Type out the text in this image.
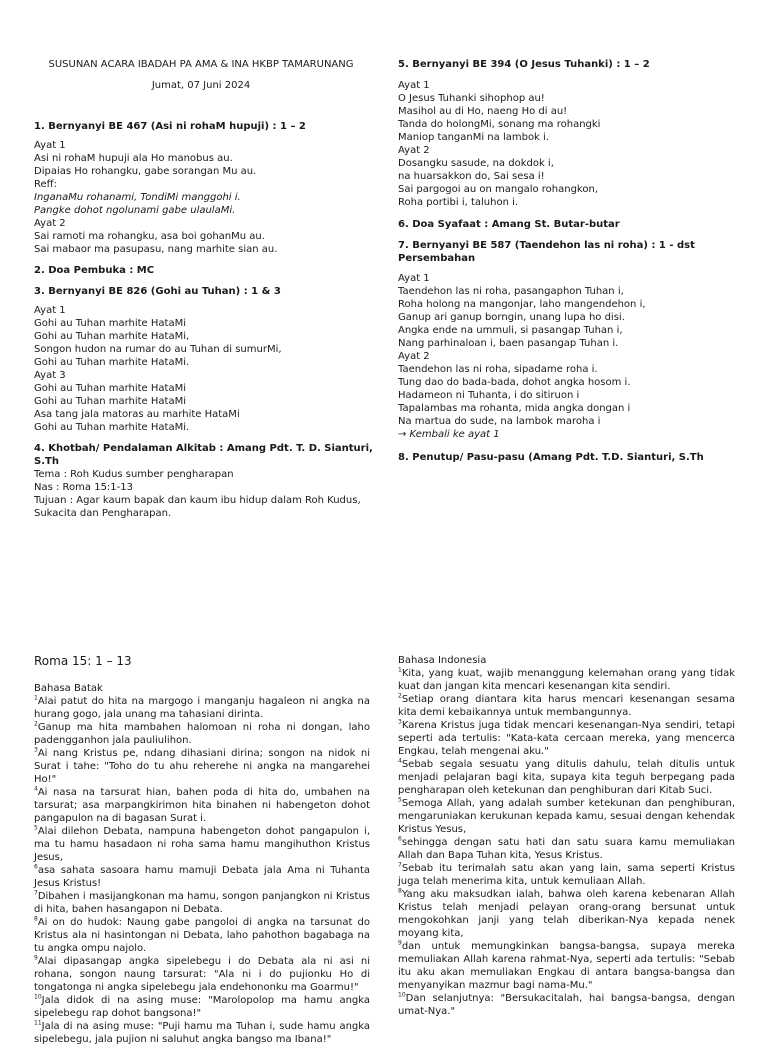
SUSUNAN ACARA IBADAH PA AMA & INA HKBP TAMARUNANG

Jumat, 07 Juni 2024

1. Bernyanyi BE 467 (Asi ni rohaM hupuji) : 1 – 2

Ayat 1

Asi ni rohaM hupuji ala Ho manobus au.

Dipaias Ho rohangku, gabe sorangan Mu au.

Reff:

InganaMu rohanami, TondiMi manggohi i.

Pangke dohot ngolunami gabe ulaulaMi.

Ayat 2

Sai ramoti ma rohangku, asa boi gohanMu au.

Sai mabaor ma pasupasu, nang marhite sian au.

2. Doa Pembuka : MC

3. Bernyanyi BE 826 (Gohi au Tuhan) : 1 & 3

Ayat 1

Gohi au Tuhan marhite HataMi

Gohi au Tuhan marhite HataMi,

Songon hudon na rumar do au Tuhan di sumurMi,

Gohi au Tuhan marhite HataMi.

Ayat 3

Gohi au Tuhan marhite HataMi

Gohi au Tuhan marhite HataMi

Asa tang jala matoras au marhite HataMi

Gohi au Tuhan marhite HataMi.

4. Khotbah/ Pendalaman Alkitab : Amang Pdt. T. D. Sianturi, S.Th

Tema : Roh Kudus sumber pengharapan

Nas : Roma 15:1-13

Tujuan : Agar kaum bapak dan kaum ibu hidup dalam Roh Kudus,

Sukacita dan Pengharapan.

5. Bernyanyi BE 394 (O Jesus Tuhanki) : 1 – 2

Ayat 1

O Jesus Tuhanki sihophop au!

Masihol au di Ho, naeng Ho di au!

Tanda do holongMi, sonang ma rohangki

Maniop tanganMi na lambok i.

Ayat 2

Dosangku sasude, na dokdok i,

na huarsakkon do, Sai sesa i!

Sai pargogoi au on mangalo rohangkon,

Roha portibi i, taluhon i.

6. Doa Syafaat : Amang St. Butar-butar

7. Bernyanyi BE 587 (Taendehon las ni roha) : 1 - dst Persembahan

Ayat 1

Taendehon las ni roha, pasangaphon Tuhan i,

Roha holong na mangonjar, laho mangendehon i,

Ganup ari ganup borngin, unang lupa ho disi.

Angka ende na ummuli, si pasangap Tuhan i,

Nang parhinaloan i, baen pasangap Tuhan i.

Ayat 2

Taendehon las ni roha, sipadame roha i.

Tung dao do bada-bada, dohot angka hosom i.

Hadameon ni Tuhanta, i do sitiruon i

Tapalambas ma rohanta, mida angka dongan i

Na martua do sude, na lambok maroha i

→ Kembali ke ayat 1

8. Penutup/ Pasu-pasu (Amang Pdt. T.D. Sianturi, S.Th

Roma 15: 1 – 13

Bahasa Batak

$^1$Alai patut do hita na margogo i manganju hagaleon ni angka na hurang gogo, jala unang ma tahasiani dirinta.

$^2$Ganup ma hita mambahen halomoan ni roha ni dongan, laho padengganhon jala pauliulihon.

$^3$Ai nang Kristus pe, ndang dihasiani dirina; songon na nidok ni Surat i tahe: "Toho do tu ahu reherehe ni angka na mangarehei Ho!"

$^4$Ai nasa na tarsurat hian, bahen poda di hita do, umbahen na tarsurat; asa marpangkirimon hita binahen ni habengeton dohot pangapulon na di bagasan Surat i.

$^5$Alai dilehon Debata, nampuna habengeton dohot pangapulon i, ma tu hamu hasadaon ni roha sama hamu mangihuthon Kristus Jesus,

$^6$asa sahata sasoara hamu mamuji Debata jala Ama ni Tuhanta Jesus Kristus!

$^7$Dibahen i masijangkonan ma hamu, songon panjangkon ni Kristus di hita, bahen hasangapon ni Debata.

$^8$Ai on do hudok: Naung gabe pangoloi di angka na tarsunat do Kristus ala ni hasintongan ni Debata, laho pahothon bagabaga na tu angka ompu najolo.

$^9$Alai dipasangap angka sipelebegu i do Debata ala ni asi ni rohana, songon naung tarsurat: "Ala ni i do pujionku Ho di tongatonga ni angka sipelebegu jala endehononku ma Goarmu!"

$^{10}$Jala didok di na asing muse: "Marolopolop ma hamu angka sipelebegu rap dohot bangsona!"

$^{11}$Jala di na asing muse: "Puji hamu ma Tuhan i, sude hamu angka sipelebegu, jala pujion ni saluhut angka bangso ma Ibana!"

Bahasa Indonesia

$^1$Kita, yang kuat, wajib menanggung kelemahan orang yang tidak kuat dan jangan kita mencari kesenangan kita sendiri.

$^2$Setiap orang diantara kita harus mencari kesenangan sesama kita demi kebaikannya untuk membangunnya.

$^3$Karena Kristus juga tidak mencari kesenangan-Nya sendiri, tetapi seperti ada tertulis: "Kata-kata cercaan mereka, yang mencerca Engkau, telah mengenai aku."

$^4$Sebab segala sesuatu yang ditulis dahulu, telah ditulis untuk menjadi pelajaran bagi kita, supaya kita teguh berpegang pada pengharapan oleh ketekunan dan penghiburan dari Kitab Suci.

$^5$Semoga Allah, yang adalah sumber ketekunan dan penghiburan, mengaruniakan kerukunan kepada kamu, sesuai dengan kehendak Kristus Yesus,

$^6$sehingga dengan satu hati dan satu suara kamu memuliakan Allah dan Bapa Tuhan kita, Yesus Kristus.

$^7$Sebab itu terimalah satu akan yang lain, sama seperti Kristus juga telah menerima kita, untuk kemuliaan Allah.

$^8$Yang aku maksudkan ialah, bahwa oleh karena kebenaran Allah Kristus telah menjadi pelayan orang-orang bersunat untuk mengokohkan janji yang telah diberikan-Nya kepada nenek moyang kita,

$^9$dan untuk memungkinkan bangsa-bangsa, supaya mereka memuliakan Allah karena rahmat-Nya, seperti ada tertulis: "Sebab itu aku akan memuliakan Engkau di antara bangsa-bangsa dan menyanyikan mazmur bagi nama-Mu."

$^{10}$Dan selanjutnya: "Bersukacitalah, hai bangsa-bangsa, dengan umat-Nya."
